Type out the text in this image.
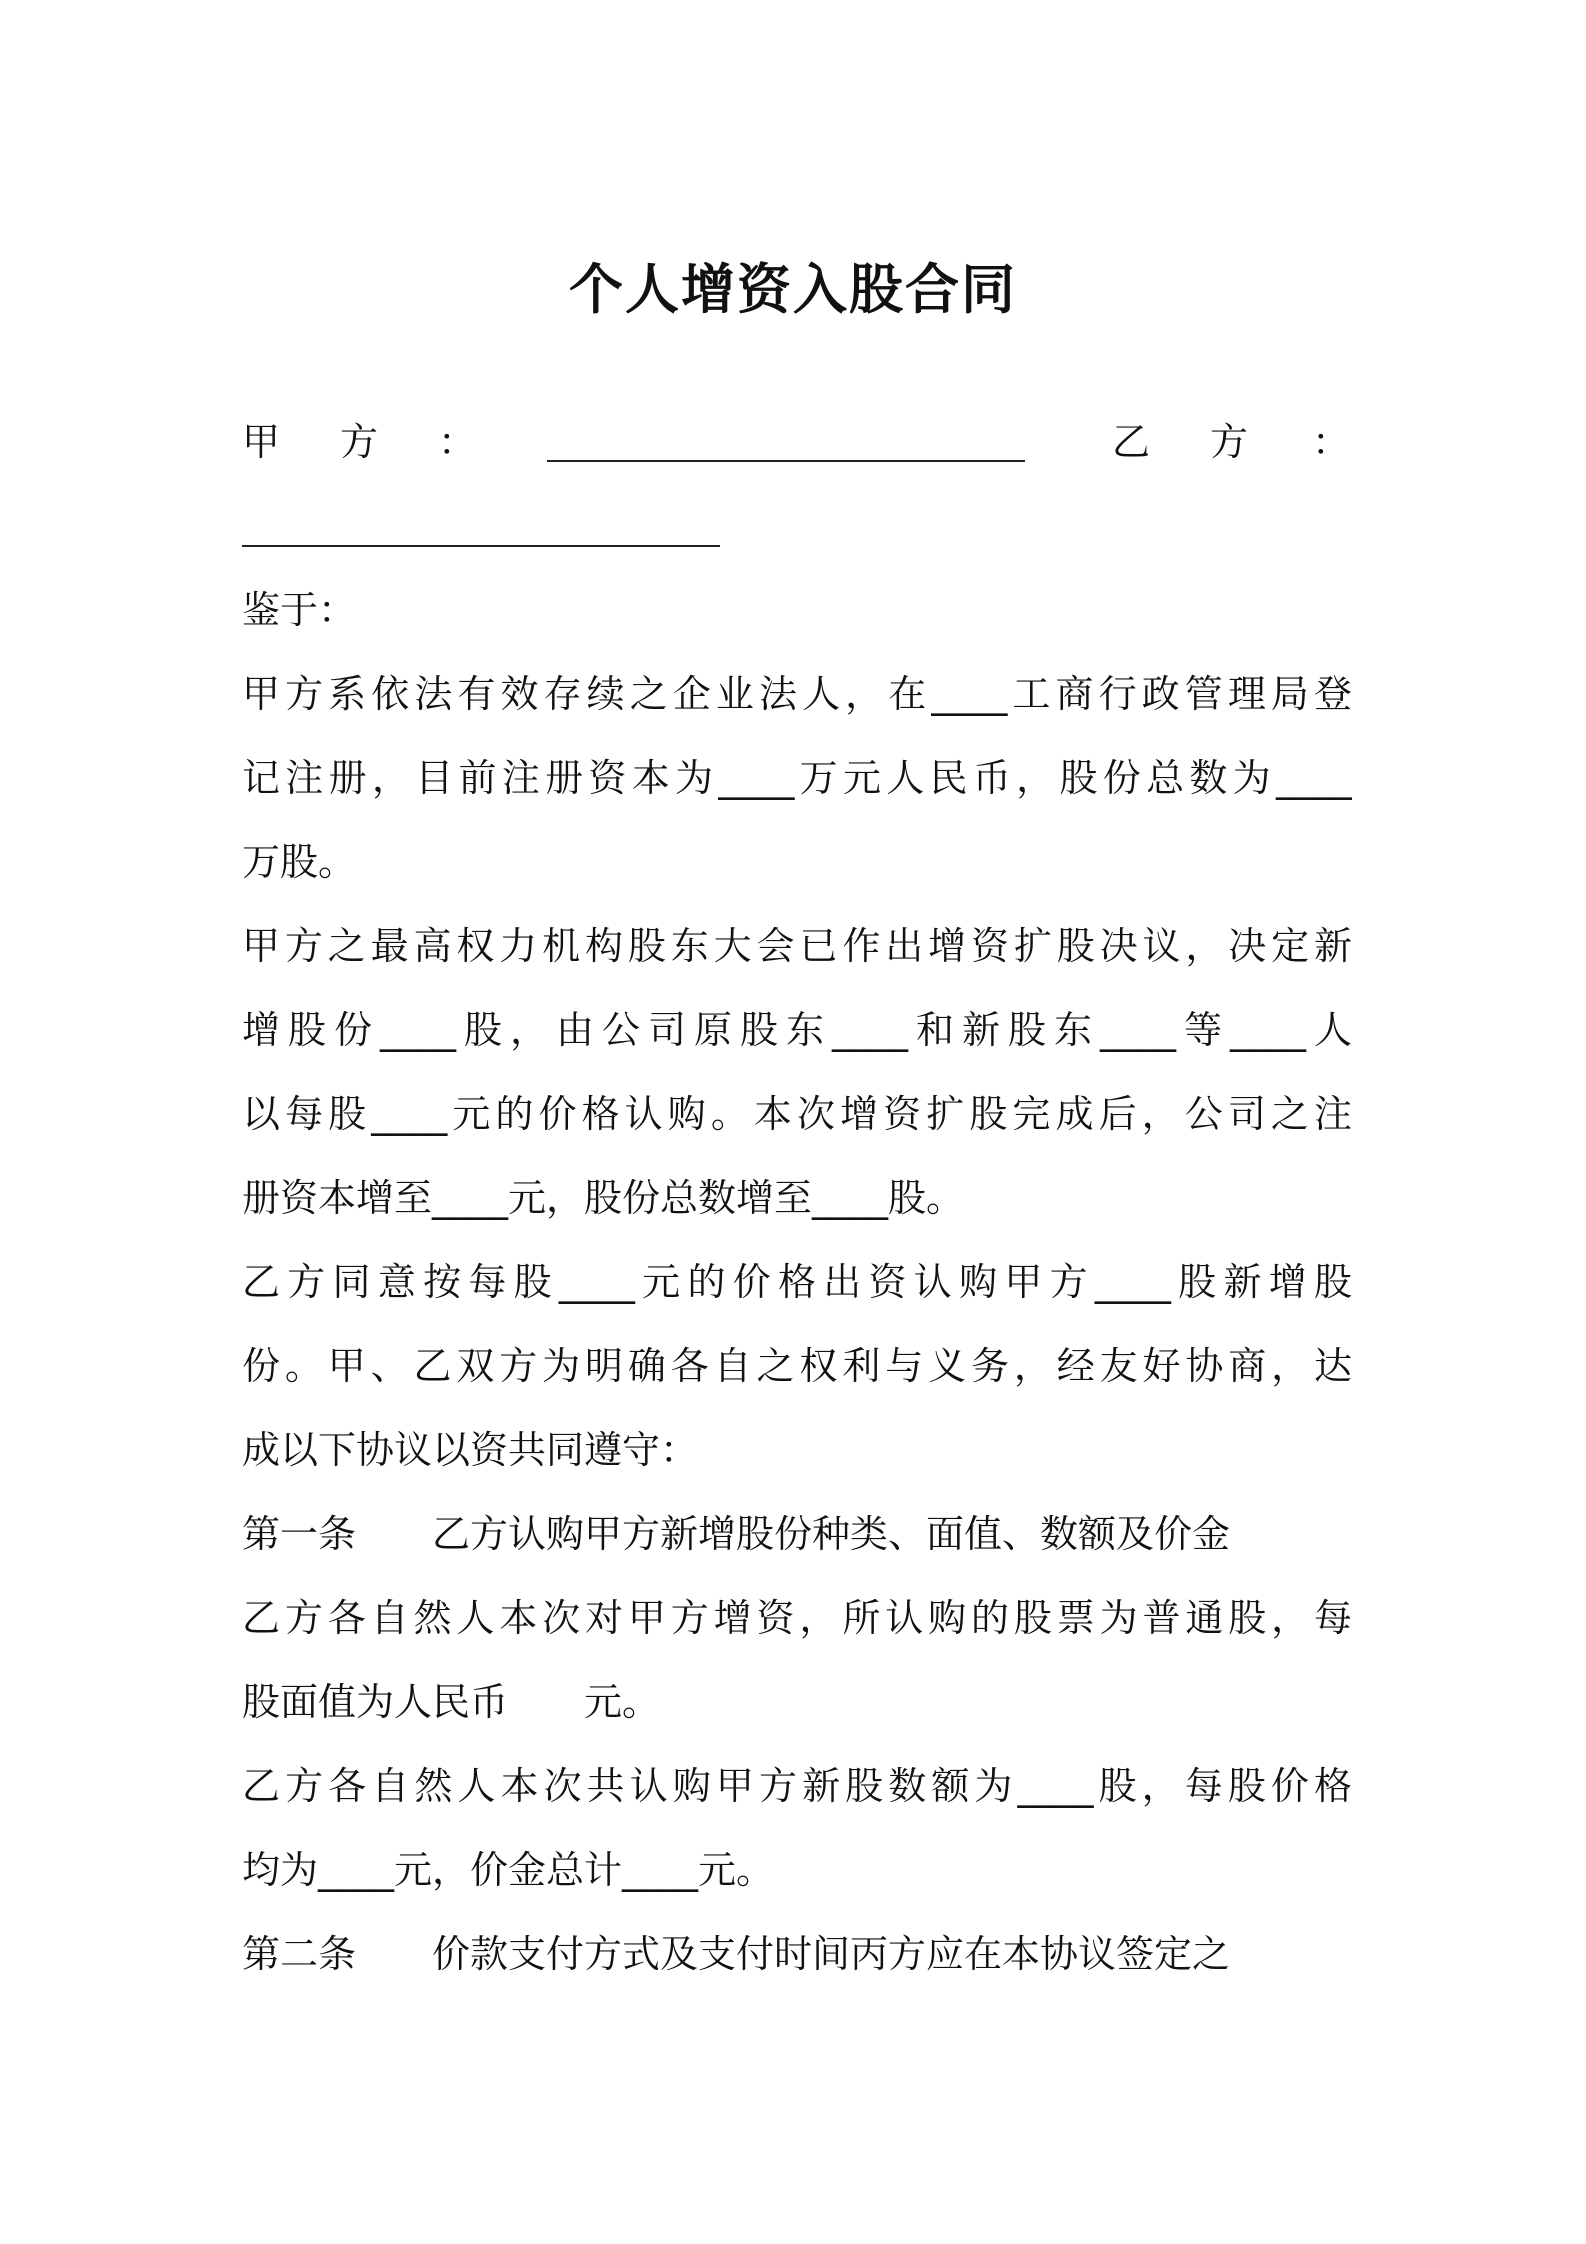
个人增资入股合同
甲 方 ：	乙 方 ：
鉴于：
甲方系依法有效存续之企业法人，在____工商行政管理局登
记注册，目前注册资本为____万元人民币，股份总数为____
万股。
甲方之最高权力机构股东大会已作出增资扩股决议，决定新
增股份____股，由公司原股东____和新股东____等____人
以每股____元的价格认购。本次增资扩股完成后，公司之注
册资本增至____元，股份总数增至____股。
乙方同意按每股____元的价格出资认购甲方____股新增股
份。甲、乙双方为明确各自之权利与义务，经友好协商，达
成以下协议以资共同遵守：
第一条　　乙方认购甲方新增股份种类、面值、数额及价金
乙方各自然人本次对甲方增资，所认购的股票为普通股，每
股面值为人民币　　元。
乙方各自然人本次共认购甲方新股数额为____股，每股价格
均为____元，价金总计____元。
第二条　　价款支付方式及支付时间丙方应在本协议签定之
